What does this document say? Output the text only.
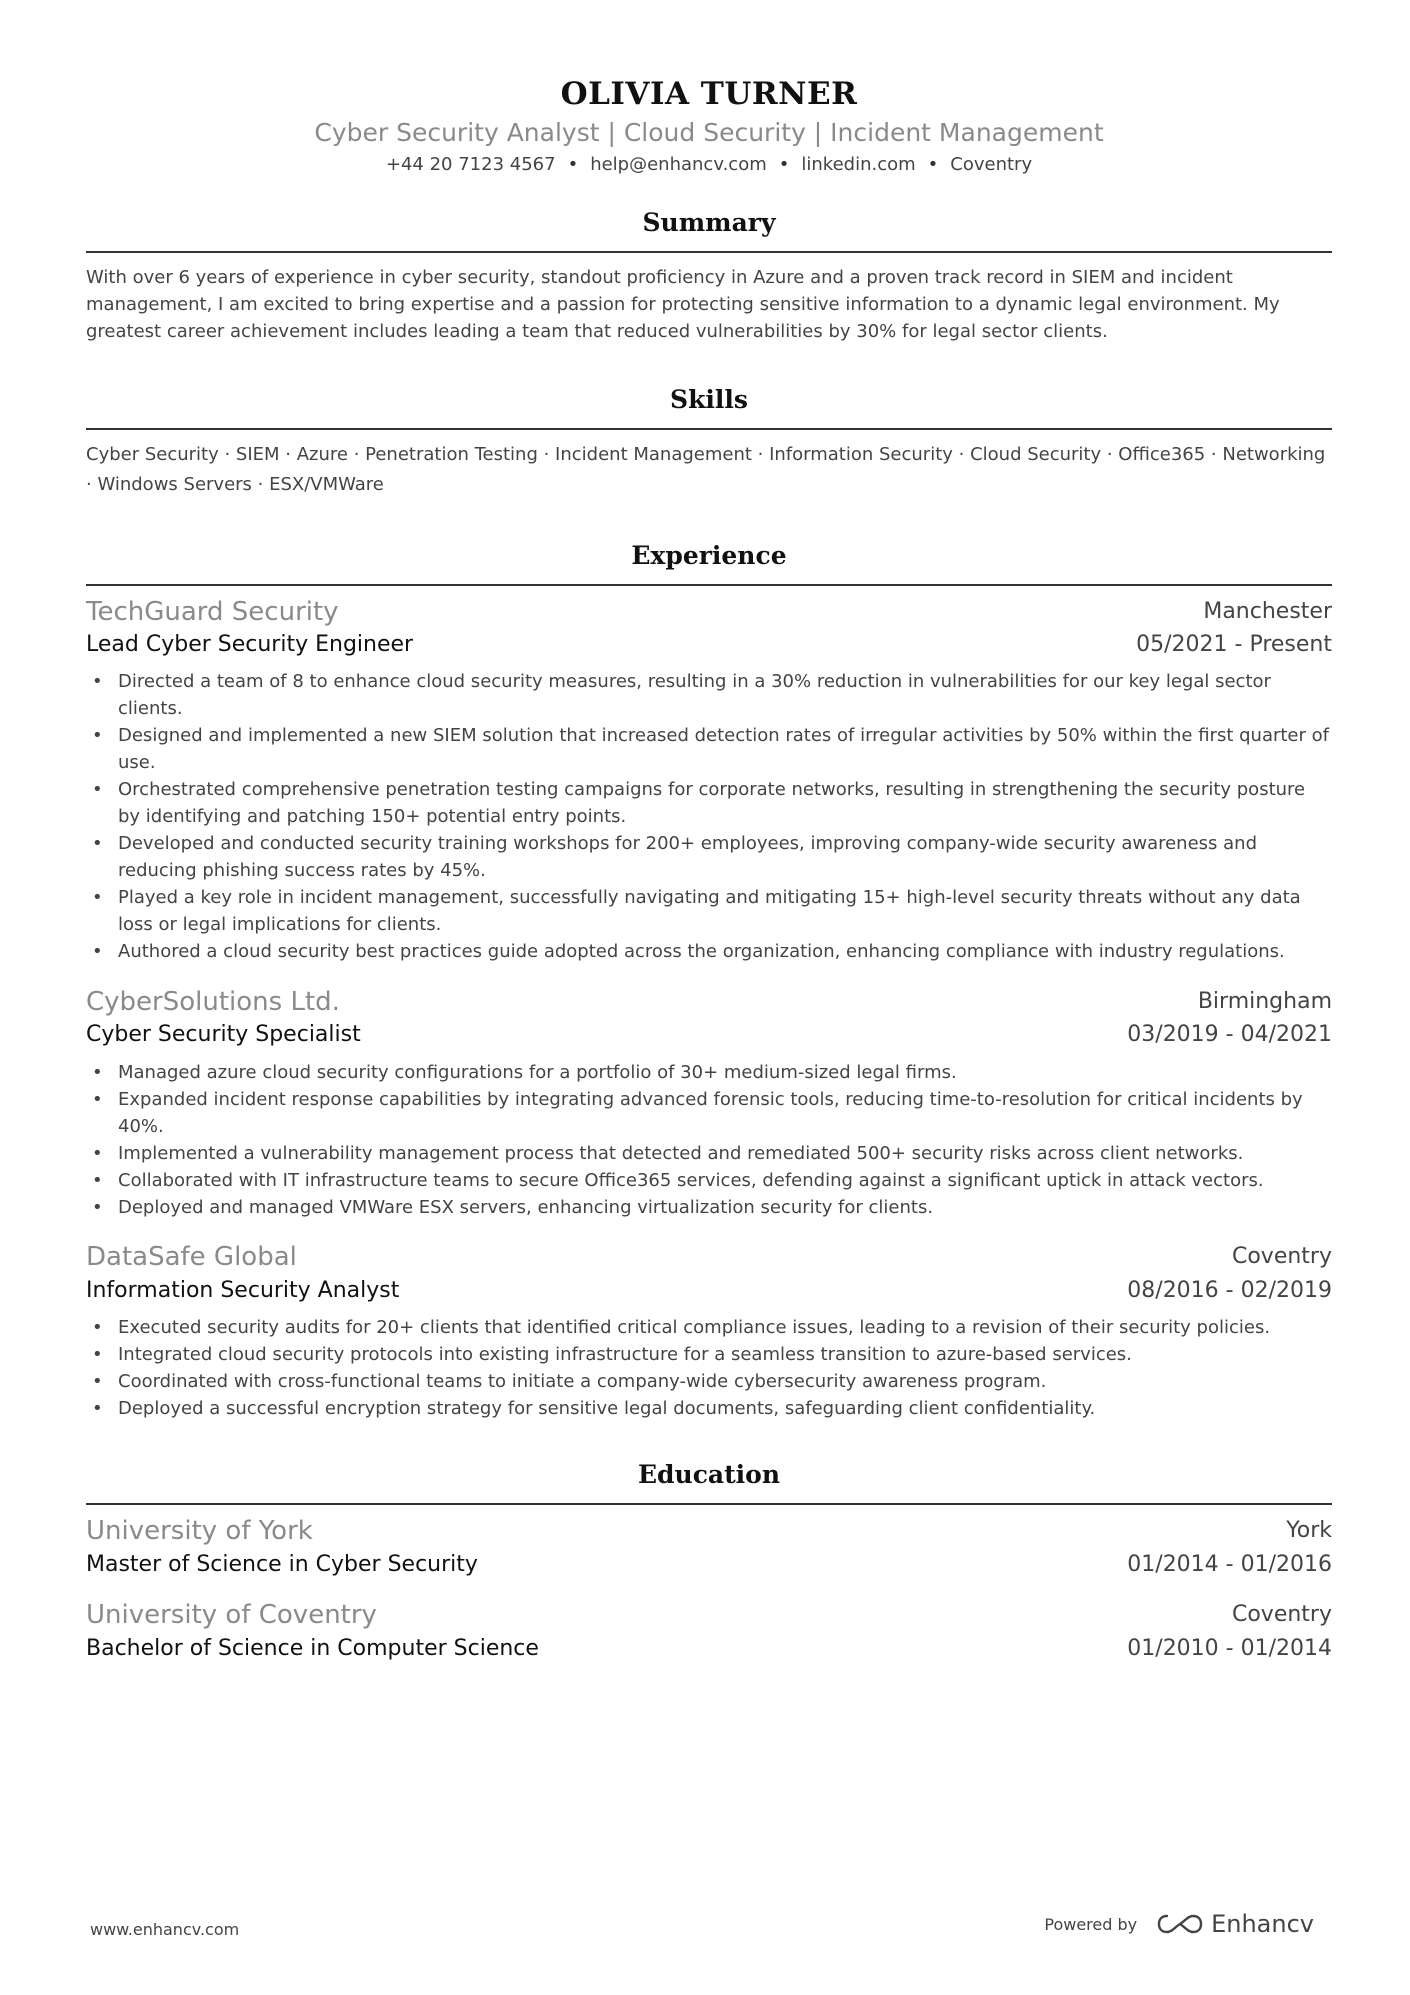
OLIVIA TURNER
Cyber Security Analyst | Cloud Security | Incident Management
+44 20 7123 4567 • help@enhancv.com • linkedin.com • Coventry
Summary
With over 6 years of experience in cyber security, standout proficiency in Azure and a proven track record in SIEM and incident management, I am excited to bring expertise and a passion for protecting sensitive information to a dynamic legal environment. My greatest career achievement includes leading a team that reduced vulnerabilities by 30% for legal sector clients.
Skills
Cyber Security · SIEM · Azure · Penetration Testing · Incident Management · Information Security · Cloud Security · Office365 · Networking · Windows Servers · ESX/VMWare
Experience
TechGuard Security	Manchester
Lead Cyber Security Engineer	05/2021 - Present
• Directed a team of 8 to enhance cloud security measures, resulting in a 30% reduction in vulnerabilities for our key legal sector clients.
• Designed and implemented a new SIEM solution that increased detection rates of irregular activities by 50% within the first quarter of use.
• Orchestrated comprehensive penetration testing campaigns for corporate networks, resulting in strengthening the security posture by identifying and patching 150+ potential entry points.
• Developed and conducted security training workshops for 200+ employees, improving company-wide security awareness and reducing phishing success rates by 45%.
• Played a key role in incident management, successfully navigating and mitigating 15+ high-level security threats without any data loss or legal implications for clients.
• Authored a cloud security best practices guide adopted across the organization, enhancing compliance with industry regulations.
CyberSolutions Ltd.	Birmingham
Cyber Security Specialist	03/2019 - 04/2021
• Managed azure cloud security configurations for a portfolio of 30+ medium-sized legal firms.
• Expanded incident response capabilities by integrating advanced forensic tools, reducing time-to-resolution for critical incidents by 40%.
• Implemented a vulnerability management process that detected and remediated 500+ security risks across client networks.
• Collaborated with IT infrastructure teams to secure Office365 services, defending against a significant uptick in attack vectors.
• Deployed and managed VMWare ESX servers, enhancing virtualization security for clients.
DataSafe Global	Coventry
Information Security Analyst	08/2016 - 02/2019
• Executed security audits for 20+ clients that identified critical compliance issues, leading to a revision of their security policies.
• Integrated cloud security protocols into existing infrastructure for a seamless transition to azure-based services.
• Coordinated with cross-functional teams to initiate a company-wide cybersecurity awareness program.
• Deployed a successful encryption strategy for sensitive legal documents, safeguarding client confidentiality.
Education
University of York	York
Master of Science in Cyber Security	01/2014 - 01/2016
University of Coventry	Coventry
Bachelor of Science in Computer Science	01/2010 - 01/2014
www.enhancv.com	Powered by	Enhancv
